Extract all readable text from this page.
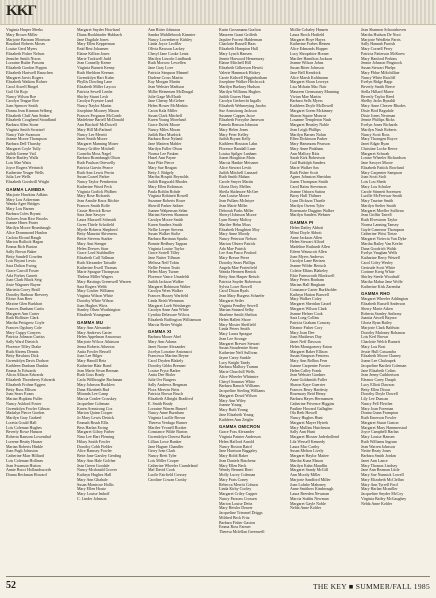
KKΓ
Virginia Harper Meeks
Mary Brown Miller
Marjorie Bartram Morrison
Rosalind Roberts Moses
Louise Gerd Myers
Elizabeth Fisher Nelson
Jennifer Smith Nixon
Lorraine Butler Parsons
Elizabeth Gordon Poppin
Elizabeth Hartwell Rauschen
Margaret Jarvis Rogers
Elizabeth Watkins Rohrer
Carol Atwell Ringel
Gail Ott Rojo
Nancy Wilson Roe
Carolyn Teague Roe
Joan Spencer Smith
Donna Jean Kinman Selberg
Elizabeth Cluff Ann Sinker
Elizabeth Coughend Stoudland
Barbara Allen Stone
Virginia Smith Swartzel
Nancy Yale Swanson
Jeanne Moore Thompson
Barbara Dell Thursby
Margaret Coyle Tully
Judith Greene Vail
Marie Bartley Walls
Lois Mae Watts
Joyce Rogers Weinrich
Katherine Yeager Wells
Julia Lee Wells
Elizabeth Goodwill Wright
GAMMA LAMBDA
Marjorie Hawkins Adkins
Mary Lou Ackerman
Wanda Agee Bridges
Mary Lou Barnes
Barbara Coles Bryant
Dolores Jean Rice Brooks
Joanne Hines Prater
Marilyn Moore Brumbaugh
Alice Drummond Hanlon
Carlota Elrond Baugh
Marion Bullock Hagan
Emma Rich Burton
Sally Brown Baker
Betty Sundell Cowden
Lois Bryant Lewis
Sara Dalton Ewing
Grace Carroll Foster
Arla Forbes Garrett
Joan Clark Black Seig
Josie Wagoner Bayne
Marietta Corey Beall
Dorothy Barbour Brewery
Eloise Ann Beer
Maxine Glen Burkhart
Frances Dunham Curtis
Margaret Ann Carter
Ruth Hollister Clark
Martha Pettigrew Coyle
Frances Ogsbury Cole
Mary Cuppy Conyers
Patricia Johnson Curtiss
Sally Ward Dietrich
Florence Tilley Drake
Ruth Ahrens Dennis
Betty Hawkins Dick
Gwendolyn Davis Dodson
Kathleen Dunham Dunkin
Emma Jo Edwards
Alicia Allison Edwards
Elizabeth Thornberry Edwards
Elizabeth Frohne Eggers
Betty Russ Ellison
Joan Sears Evans
Marian Hopkins Fuller
Nancy Ashford Foster
Gwendolyn Fowler Gibson
Madalyn Pierce Gordon
Marilyn Gray Grabeel
Loretta Gould Hall
Lois Coleman Hughes
Beverly Rowe Hanson
Roberta Ransom Lowenthal
Lorrene Beatty Hauser
Marian Roberts Hinkle
Joan Pugh Johnston
Catherine Marr Hilliard
Lois Coleman Hollmes
Jean Swanson Hutton
Annie Bucci Hollandsworth
Donna Beckman Howard
Margaret Snyder Howland
Diana Bookbinder Hubbach
Jane Dugdale Jones
Mary Ellen Kepperman
Enid Best Johansen
Elaine Killion Jones
Marie Tuckwell Judd
Jean Connelly Keene
Virginia Burnett Kenny
Ruth Sheldorn Keenan
Gwendolyn Hart Kuhn
Phyllis Dowling Lane
Elizabeth Miller Laycox
Patricia Sewell Lenfer
Shirley Stuart Lesh
Carolyn Frymire Lund
Nancy Naylor Martin
Josephine Mooney Mason
Frances Ferguson McComb
Madeleine Bartell McDonald
Ann Bischoff McDowell
Mary Hill McFarland
Nancy Lee Merritt
Janet Smith Moore
Margaret Manning Moser
Nancy Griffee Mitchell
Cornelia Moss Nagel
Barbara Brumbaugh Olson
Ruth Paulson Ottewelly
Patricia Garvin Pearce
Ruth Ann Lewis Perrin
Susan Coarel Parker
Nancy Taylor Pemberton
Katherine Wood Peck
Virginia Gorlick Philben
Mary Rose Richards
Jean Amalie Knox Ritchie
Frances Smith Rolfe
Cassie Herrick Rowe
Sara Jane Sawyer
Laura Maxwell Schmidt
Gwen Thiele Schofield
Myrtle Roberts Shepherd
Betty Manzini Shiveness
Bettie Stevens Starker
Mary Ann Stenger
Helen Drewes Starr
Grace Lord Stuhlmiller
Elizabeth Cull Tallman
Ruth Alexander Tatsuffe
Katherine Ewell Thomas
Marie Sprague Thompson
Thelma Miller Wagers
Mary Hastings Greenwell Warren
Sara Rogers Webb
Mary Coulter Williams
Virginia Wilson White
Dorothy White Wilson
Joan Hughes Wirtz
Stanley Olsen Worthington
Elizabeth Youngman
GAMMA MU
Mary Ann Alexander
Mary Andrews Carter
Helen Appelman Amorosso
Marjorie Wilcox Atkinson
Jenna Roberts Atherton
Anita Fowler Bessell
Joan Lee Bilger
Mary Hamill Betz
Katherine Blair Bond
Jean Marie Sivan Berman
Ruth Goss Brady
Carla Willhoughe Buchanan
Mary Johnson Bucklew
Dana Elizabeth Bud
Miranda Lee Camp
Marcia Conlee Crosskey
Jacqueline Coleman
Karen Armstrong Cox
Marion Quinn Cooper
Jo Mary Lewis Detrick
Emmah Brush Ellis
Bess Harlan Ewing
Margaret Gilroy Farber
Nina Lee Hart Fleming
Hilary Smith Fowler
Dorothy Cobb Fielder
Alice Ramsey Fowler
Bette Jane Garsley Gerding
Mary Ann Hale Golcher
Jean Green Goodale
Nancy Mcdonald Grover
Kathryn Hughes Hall
Mary Ann Ghahale
Susan Montrose Hollis
Mary Ellen Houtz
Mary Louise Imhoff
C. Linder Johnson
Ann Ritter Johnston
Sandra Middlebrook Kimnier
Nancy Lowenberry Kirkley
Linda Joyce Leoffler
Olivia Rawson Lackey
Cheryl Jane Cooke Lentz
Marilyn Lincoln Lindhardt
Ruth Morrow Lewellen
Jane Gray Love
Patricia Simpson Mannel
Darlene Cross Martin
Kay Morgan Martin
Jean Webster Madison
Millie Heinemen McDougal
Julie Gage McElrath
Jane Cherny McGehee
Helen Hower McMerkin
Caron Kala Miller
Susan Clark Mitchell
Karen Young Moreland
Grace Dufek Moore
Nancy Miles Moran
Judith Hart Mudrick
Barbara Rose Nyland
Jane Mattern Mahler
Marilyn Fuller Olson
Norma Lee Pasken
Hazel Ann Payne
Sara Pike Pierce
Mary Sue Reagan
Betty J. Ridgely
Martha Hospitt Reynolds
Judith Ringwald Rhodes
Mary Ellen Robinson
Paula Rohlin Rohde
Virginia Robinett Rowell
Suzanne Roberts Rowe
Sherrill Parker Saltzer
Joanne Walpensan Selan
Marian Stevens Shannon
Carolyn Moore Smith
Karen Sanders Smith
Nellie Leeper Stevens
Susan Walker Stolte
Barbara Hartman Sparks
Bonnie Bedbury Tappan
Virginia Louise Taylor
Grace Sortell Tilley
Jane Nutter Tillman
Melissa Neff Tobin
Nellie Fenton Truitt
Helen Mary Turner
Florence Vance Umnfeldt
Judith Jackson Walker
Margaret Robinson Walter
Carolyn Wren Walker
Frances Hussey Warfield
Linda Reish Weinman
Margaret Loeb Weisberger
Carolyn Anne Ann White
Cynthia Delaware Wilcox
Elizabeth Buffington Williamson
Marcia Reiter Wright
GAMMA XI
Barbara Moore Abel
Mary Ann Adams
Janet Noone Alexander
Jocelyn Lorraine Antonacci
Francesca Martins Beyne
Carol Dryden Blakely
Dorothy Gibbs Brenner
Louise Pryor Barker
Anita Dee Bixler
Julie Orr Burgess
Sally Andrews Bergman
Flora Merwin Betts
Patricia Brown Bruch
Elizabeth Albright Bradford
E. Smith Brady
Lorraine Warren Bunzel
Nancy Anne Burnham
Virginia Lucille Brown
Theresa Verdugo Burner
Marilee Yvonell Booker
Constance Wilde Burton
Gwendolyn Cherest Burke
Lillian Lowe Bunker
Jane Hagner Chandler
Gerry Ivan Clark
Nancy Brett Tyler
Lois Miller Cooper
Catherine Wheeler Crandeland
Mal David Cook
Lucile Fairfield Cressey
Caroline Cowan Crosby
Karin Grossmann Grafton
Maureen Grant Griffeth
Jaqulee Forrest Halderman
Charlotte Russell Haas
Elizabeth Hampton Hall
Mary Lynch Hansen
Jennie Harwood Hemenway
Elaine Mitchell Hill
Elizabeth Gilkerson Hewitt
Valerie Hammack Hickey
Carrie Kidwell Higginbotham
Josephine Walker Hitchcock
Marilyn Burbury Hudson
Marilyn Williams Hughes
Judith Graves Hunt
Carolyn Gerbrecht Ingalls
Elizabeth Wehmeying Jacobs
Sue Armstrong Jackson
Susanne Cappes Jacoe
Elizabeth Forsythe Jameson
Pamela Benson Johnson
Mary Helen Jones
Mary Peter Kelley
Judith Bryant Kelly
Kathleen Houston Lahn
Florence Randall Lane
Louisa Spilger Lanham
Joann Houghton Main
Marcia Hankie Meissner
Alice Stewart Levitt
Judith Mitchell Lanzard
Ruth Smith Mahan
Carole Smyer Martin
Gloria Doty Mellen
Sheila Skidmore McGee
Ann Louise Moore
Jean Pullam McIntyre
Jean Marie Miller
Deborah Parks Miller
Sherryl Johnson Moore
Lynn Roney Moltoy
Marilee Hehn Moss
Elizabeth Houghton Moy
Mary Anne Moody
Nancy Peterson Nelson
Marion Ofsterr Patrick
Ada Mae Patrick
Lee Ann Pasco Peaford
Mary Bresse Perez
Dorothy Sears Phillips
Angela Mae Porterfield
Wanda Hermen Renick
Betty Ann Harper Reisch
Patricia Snyder Robertson
Sylvia Lowe Rowell
Carol Dixon Ryals
Jean Mary Burgess Schaefer
Margaret Seiler
Virginia Pendley Sewell
Marian Stanard Selby
Sharlene Smith Shelton
Helen Hallett Shore
Mary Mosier Sheffield
Linda Peters Smith
Mary Laura Sprague
Jean Lee Stronge
Margaret Brewer Stewart
Susan Stoudemire Stone
Katherine Neff Sullivan
Jayne Carey Sunkle
Lucy Knight Tandy
Barbara Mallory Tramm
Marie Churchill Wells
Alice Wheeler Whitmire
Cheryl Sommer White
Barbara Baruch Williams
Jacqueline Sterling Williams
Margaret Dowd Wilson
Mary Ann Wiley
Joanne Young
Mary Ruth Young
Jane Elizabeth Young
Kathleen Ann Zeigler
GAMMA OMICRON
Grace Foss Alexander
Virginia Painter Anderson
Helen Hafford Arnold
Nancy Boston Baird
Jane Harrison Baggaley
Mary Boldt Baker
Jean Daniels Baschenz
Mary Ellen Beck
Wendy Bennett Bieri
Molly Lucey Coleman
Mary Prats Coney
Rebecca Merritt Coburn
Linda Kirby Cooley
Margaret Criley Cupper
Nancy Parsons Crossen
Marion Louise Deitz
Mary Heisler Deaver
Jacqueline Trimmel Driggs
Mildred Beck Fritz
Barbara Fisher Gaston
Emma Ross Farmer
Theresa Mclellan Greenwell
Mollie Cobaley Hansen
Laura Brock Hatfield
Margaret Hoye Hayes
Katherine Forbes Heinen
Alice Edmonds Hopper
Lucy Shropshire Horner
Marilee Hamilton Jackson
Jeanne Wilson Johns
Susan Ritter Johnson
Jane Bell Kendrick
Alice Marsh Kohlmann
Margaret Sloan Leweya
Lisa Mcbain Mac Nair
Maureen Germonary Manning
Vivian Mae Martin
Barbara Sells Myers
Kathleen Doyle McDowell
Margaret Green Mckinney
Sharon Squire Monroe
Louanne Templeton Nash
Margaret Beasley Noble
Jean Leigh Phillips
Marilyn Barnes Nolan
Ellen Dickinson Parker
Mary Hammons Pearson
Mary Anne Pinkham
Ann Mallory Ritts
Sarah Kirk Robertson
Gail Rudolph Sanders
Marie Walker Sax
Ruth Fisher Scott
Agnes Johnston Sheridan
Joann Thompson Smith
Carol Rains Stevenson
Jeanne Osborn Sutton
Barry Hull Thilmer
Lynn Dickson Thurtle
Marilyn Owens Tyler
Rosemarie Duggins Walker
Marilyn Sanders Webster
GAMMA PI
Helen Dailey Abbott
Mimi Doyle Abbott
Anne Jackson Allen
Helen Stewart Alford
Madeline Ruthardt Allen
Eileen Wainscott Allen
Joan Myers Andrews
Carolyn Lane Bertsen
Jeanne Wilder Bertsch
Colette Elkins Blakeley
Elsie Farnsworth Blackwell
Mary Peters Bonham
Marian Hall Bingham
Constance Carter Burkholder
Kathryn Hatton Burwell
Mary Walker Coley
Margaret Sheridan Cassel
Margaret Wilson Clark
Jeanne Hefner Cook
Sara Long Collins
Patricia Graham Conway
Eleanor Fisher Cory
Mary Joan Dee
Joan Matthews Day
Janet Neff Dawson
Helen Montgomery Eaton
Margaret Baker Ellison
Susan Simpson Fentress
Mary Ann Rollins Fern
Joanne Carpenter Forster
Helen Calley Frank
Jean Webster Gardner
Anne Goldsmith Fuller
Sharon Kaye Guerrier
Frances Berry Hardesty
Rosemary Reid Henry
Barbara Hayes Hermansen
Catherine Privence Higgins
Pauline Howard Gallagher
Ola Beth Howell
Nancy Hughes Hunt
Margaret Mayer Hytrek
Mary Mullins Hutcheson
Sally Ann Hunt
Margaret Blosser Jaderhollend
Lila Wessell Kennedy
Laura Mac Carthy
Susan Melton Lively
Margaret Haylor Mattee
Martha Kunz Mason
Marilyn Kahn Maudlin
Margaret Sandy McGill
Ann Moody Miller
Marjorie Sandford Miller
Joan Lohrke Mahoney
Anne Smithers Kimbrough
Laura Breeden Newman
Marcia Stubbs Newman
Margaret Gayle Noble
Nelda Anne Kohler
Jean Shannon Schoonhoven
Martha Hudson De Nooi
Marjorie Weidlein Parris
Sally Hannah Parrish
Mary Cornell Perry
Patricia Patterson McKnew
Mary Hanford Perkins
Jennie Johnson Pingstock
Susan Stewart Phelps
Mary Phlue Miltchilliae
Nancy White Ratcliff
Evelyn Ridge Rapp
Beverly Smith Reece
Stella Hillard Maree
Beverly Taylor Reed
Shelby Jacks Rynaldi
Mary Anne Cleaver Rhodes
Dixie Bird Ragsdale
Dixie Jones Newman
Jennie Phillips Ricks
Evelyn Jones Richards
Marilyn Nash Roberts
Nancy Scott Ross
Mary Thorngen Royce
Janet Edgar Ryan
Christine Locke Reece
Margaret Schwab
Louise Wheeler Richardson
Jane Sawyer Moore
Elizabeth Pattick Rowland
Mary Carpenter Sampson
Joan Scott Stolt
Lois Lou Sheds
Mary Lou Schulze
Carole Stinnett Sorensen
Lucille McFerrwar Smith
Mary Taurine Smith
Marilyn Stelter Smith
Margaret Moeller Sullivan
Jean Griffin Tarrell
Ruth Elvestrom Taylor
Norma Lanning Tansey
Gayle Cameron Thompson
Catherine Wrist Tietze
Margaret Vietecia Van Dyke
Martha Bailey Van Keeler
Dana Goodrich Walsh
Evelyn Vaughan Wells
Katharine Berry Wetzell
Carol Coley Wesley
Gertrude Scott White
Corinne Kreig White
Shirley Steele Woodruff
Martha Mahar Jane Wolfe
Katherine Kirk Zaremba
GAMMA RHO
Margaret Wheeler Addington
Elizabeth Russell Anderson
Sherry Marie Aiken
Roberta Stanley Anthony
Juanita Atwell Baynor
Gloria Ryan Bailey
Marjorie Clark Baldwin
Dorothy Maloney Bohanon
Lois Kerl Brown
Charlotte Welch Burnett
Mary Lou Bost
Jessie Hull Cassandra
Elizabeth Moore Chaney
Joann Lee Chaloupek
Jacqueline Bartlett Coleman
Jane Elizabeth Colins
Jean Jenny Cuthbertson
Eleanor Carey Dauph
Lucy Elliott Dawson
Betty Ellen Dixon
Dorothy Doyle Dowell
Lily Lee Duncan
Nancy Fell Fletcher
Mary Joan Foreman
Donna Gunn Frampton
Ruth Emerson Fowler
Margaret Stuart Gaston
Margaret Mary Hammerstad
Joyce Campbell Harlan
Mary Louise Hansen
Ruth Williams Ingram
Jean Warren Johnson
Nettie Beaty Jones
Barbara Smith Jordan
Janet Ann Lance
Mary Thomas Lindsey
Jane Ann Beaman Little
Mary Sue Nunnick Lowell
Mary Elizabeth McClellan
Mary Ann Tyrrell Ford
Mary Harlan Mcmiller
Jacqueline Snyder McCoy
Virginia Bailey McGaughey
Nelda Anne Kohler
52	THE KEY ■ SUMMER/FALL 1985
